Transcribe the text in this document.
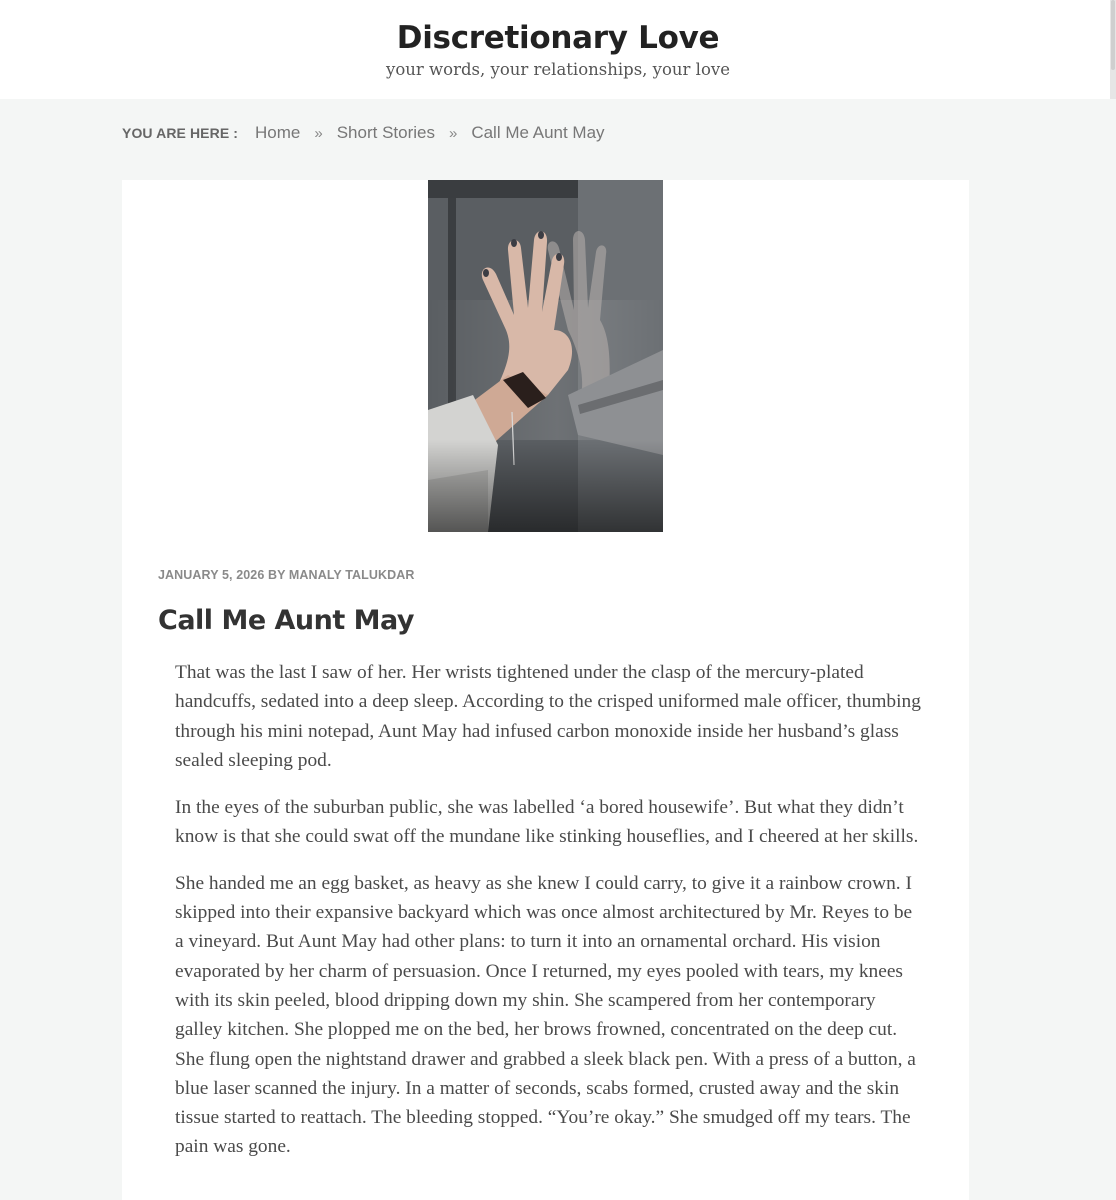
Discretionary Love

your words, your relationships, your love

YOU ARE HERE : Home » Short Stories » Call Me Aunt May
JANUARY 5, 2026 BY MANALY TALUKDAR
Call Me Aunt May

That was the last I saw of her. Her wrists tightened under the clasp of the mercury-plated handcuffs, sedated into a deep sleep. According to the crisped uniformed male officer, thumbing through his mini notepad, Aunt May had infused carbon monoxide inside her husband’s glass sealed sleeping pod.

In the eyes of the suburban public, she was labelled ‘a bored housewife’. But what they didn’t know is that she could swat off the mundane like stinking houseflies, and I cheered at her skills.

She handed me an egg basket, as heavy as she knew I could carry, to give it a rainbow crown. I skipped into their expansive backyard which was once almost architectured by Mr. Reyes to be a vineyard. But Aunt May had other plans: to turn it into an ornamental orchard. His vision evaporated by her charm of persuasion. Once I returned, my eyes pooled with tears, my knees with its skin peeled, blood dripping down my shin. She scampered from her contemporary galley kitchen. She plopped me on the bed, her brows frowned, concentrated on the deep cut. She flung open the nightstand drawer and grabbed a sleek black pen. With a press of a button, a blue laser scanned the injury. In a matter of seconds, scabs formed, crusted away and the skin tissue started to reattach. The bleeding stopped. “You’re okay.” She smudged off my tears. The pain was gone.
